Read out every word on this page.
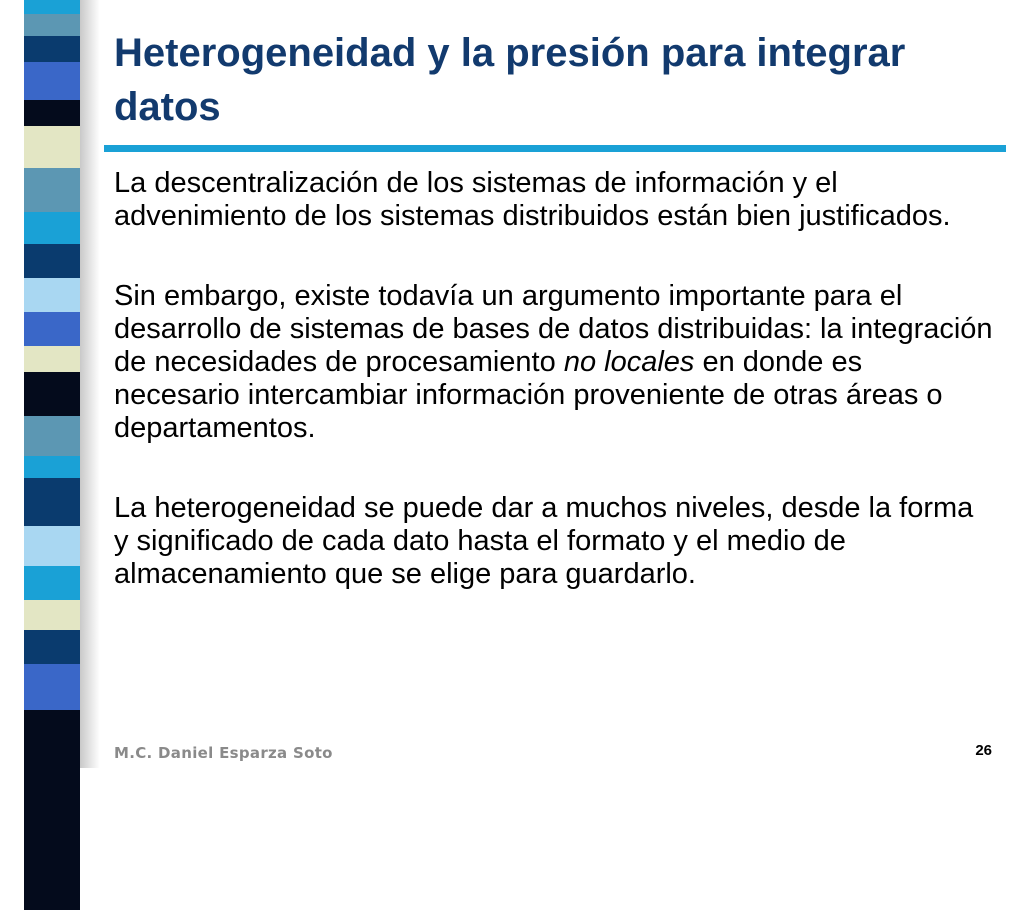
Heterogeneidad y la presión para integrar datos

La descentralización de los sistemas de información y el advenimiento de los sistemas distribuidos están bien justificados.

Sin embargo, existe todavía un argumento importante para el desarrollo de sistemas de bases de datos distribuidas: la integración de necesidades de procesamiento no locales en donde es necesario intercambiar información proveniente de otras áreas o departamentos.

La heterogeneidad se puede dar a muchos niveles, desde la forma y significado de cada dato hasta el formato y el medio de almacenamiento que se elige para guardarlo.

M.C. Daniel Esparza Soto	26
